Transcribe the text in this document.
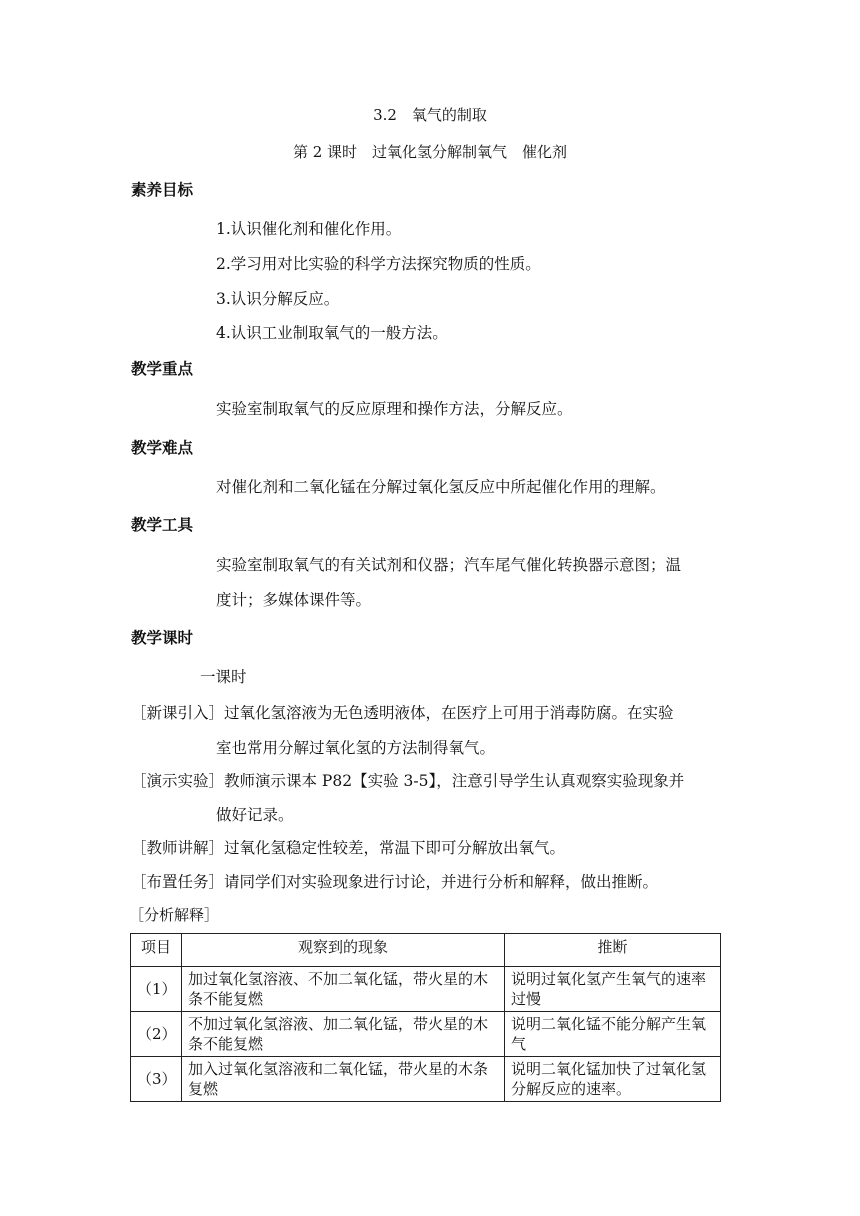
3.2　氧气的制取
第 2 课时　过氧化氢分解制氧气　催化剂
素养目标
1.认识催化剂和催化作用。
2.学习用对比实验的科学方法探究物质的性质。
3.认识分解反应。
4.认识工业制取氧气的一般方法。
教学重点
实验室制取氧气的反应原理和操作方法，分解反应。
教学难点
对催化剂和二氧化锰在分解过氧化氢反应中所起催化作用的理解。
教学工具
实验室制取氧气的有关试剂和仪器；汽车尾气催化转换器示意图；温
度计；多媒体课件等。
教学课时
一课时
［新课引入］过氧化氢溶液为无色透明液体，在医疗上可用于消毒防腐。在实验
室也常用分解过氧化氢的方法制得氧气。
［演示实验］教师演示课本 P82【实验 3-5】，注意引导学生认真观察实验现象并
做好记录。
［教师讲解］过氧化氢稳定性较差，常温下即可分解放出氧气。
［布置任务］请同学们对实验现象进行讨论，并进行分析和解释，做出推断。
［分析解释］
项目	观察到的现象	推断
（1）	加过氧化氢溶液、不加二氧化锰，带火星的木条不能复燃	说明过氧化氢产生氧气的速率过慢
（2）	不加过氧化氢溶液、加二氧化锰，带火星的木条不能复燃	说明二氧化锰不能分解产生氧气
（3）	加入过氧化氢溶液和二氧化锰，带火星的木条复燃	说明二氧化锰加快了过氧化氢分解反应的速率。
